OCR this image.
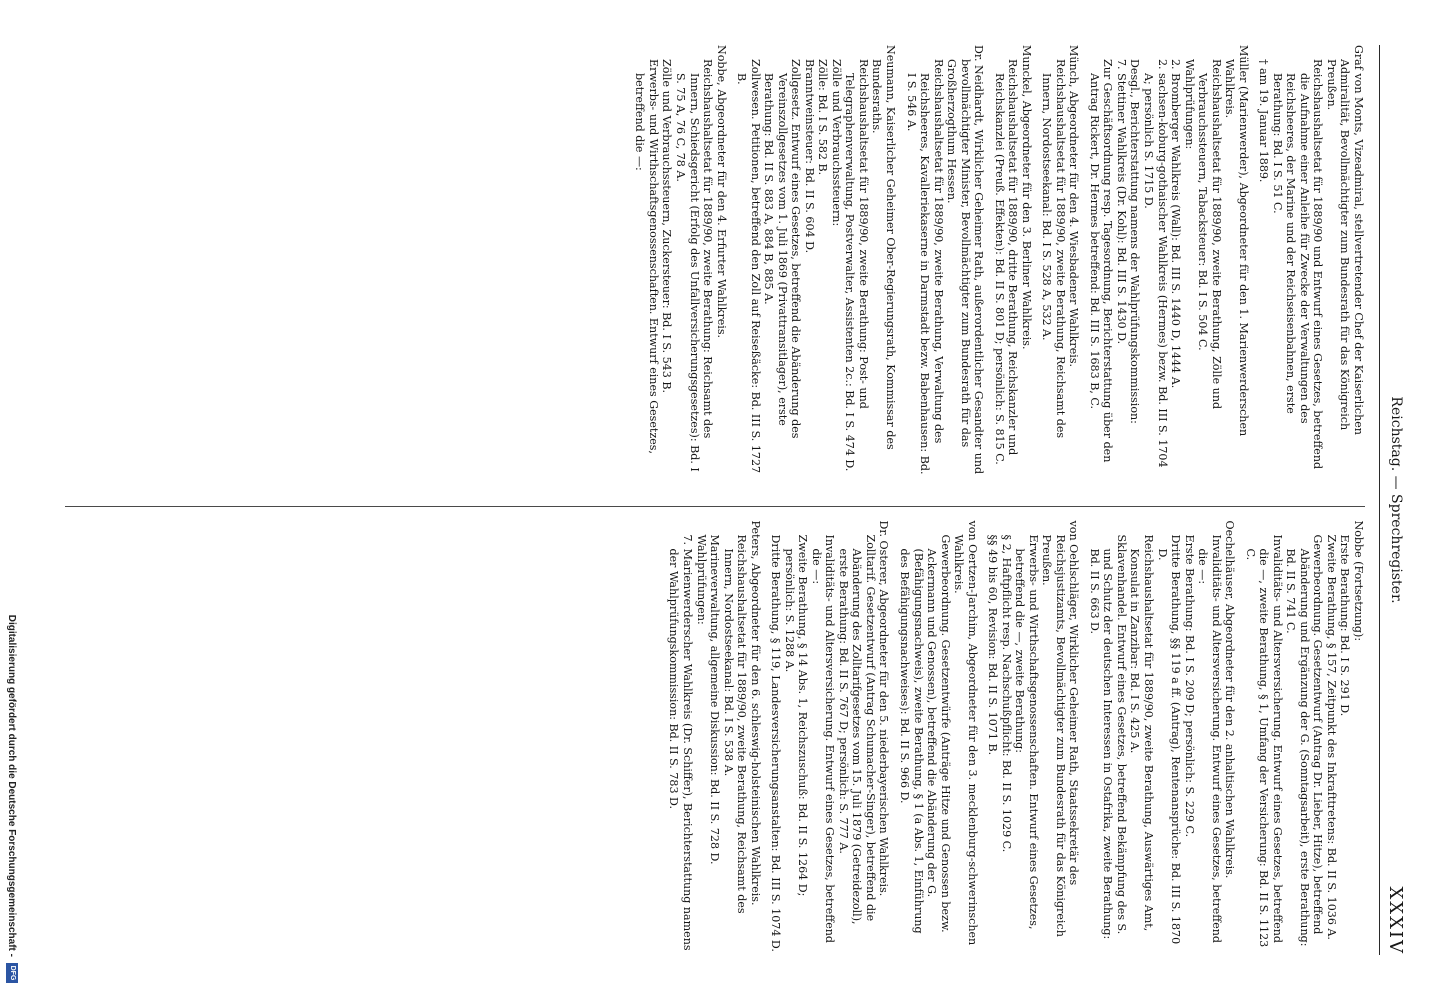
Reichstag. — Sprechregister.
XXXIV
Graf von Monts, Vizeadmiral, stellvertretender Chef der Kaiserlichen Admiralität, Bevollmächtigter zum Bundesrath für das Königreich Preußen.
Reichshaushaltsetat für 1889/90 und Entwurf eines Gesetzes, betreffend die Aufnahme einer Anleihe für Zwecke der Verwaltungen des Reichsheeres, der Marine und der Reichseisenbahnen, erste Berathung: Bd. I S. 51 C.
† am 19. Januar 1889.
Müller (Marienwerder), Abgeordneter für den 1. Marienwerderschen Wahlkreis.
Reichshaushaltsetat für 1889/90, zweite Berathung, Zölle und Verbrauchssteuern, Tabacksteuer: Bd. I S. 504 C.
Wahlprüfungen:
2. Bromberger Wahlkreis (Wall): Bd. III S. 1440 D, 1444 A.
2. sachsen-koburg-gothaischer Wahlkreis (Hermes) bezw. Bd. III S. 1704 A; persönlich S. 1715 D.
Desgl., Berichterstattung namens der Wahlprüfungskommission:
7. Stettiner Wahlkreis (Dr. Kohl): Bd. III S. 1430 D.
Zur Geschäftsordnung resp. Tagesordnung, Berichterstattung über den Antrag Rickert, Dr. Hermes betreffend: Bd. III S. 1683 B, C.
Münch, Abgeordneter für den 4. Wiesbadener Wahlkreis.
Reichshaushaltsetat für 1889/90, zweite Berathung, Reichsamt des Innern, Nordostseekanal: Bd. I S. 528 A, 532 A.
Munckel, Abgeordneter für den 3. Berliner Wahlkreis.
Reichshaushaltsetat für 1889/90, dritte Berathung, Reichskanzler und Reichskanzlei (Preuß. Effekten): Bd. II S. 801 D; persönlich: S. 815 C.
Dr. Neidhardt, Wirklicher Geheimer Rath, außerordentlicher Gesandter und bevollmächtigter Minister, Bevollmächtigter zum Bundesrath für das Großherzogthum Hessen.
Reichshaushaltsetat für 1889/90, zweite Berathung, Verwaltung des Reichsheeres, Kavalleriekaserne in Darmstadt bezw. Babenhausen: Bd. I S. 546 A.
Neumann, Kaiserlicher Geheimer Ober-Regierungsrath, Kommissar des Bundesraths.
Reichshaushaltsetat für 1889/90, zweite Berathung: Post- und Telegraphenverwaltung, Postverwalter, Assistenten 2c.: Bd. I S. 474 D.
Zölle und Verbrauchssteuern:
Zölle: Bd. I S. 582 B.
Branntweinsteuer: Bd. II S. 604 D.
Zollgesetz. Entwurf eines Gesetzes, betreffend die Abänderung des Vereinszollgesetzes vom 1. Juli 1869 (Privattransitlager), erste Berathung: Bd. II S. 883 A, 884 B, 885 A.
Zollwesen. Petitionen, betreffend den Zoll auf Reiseßäcke: Bd. III S. 1727 B.
Nobbe, Abgeordneter für den 4. Erfurter Wahlkreis.
Reichshaushaltsetat für 1889/90, zweite Berathung: Reichsamt des Innern, Schiedsgericht (Erfolg des Unfallversicherungsgesetzes): Bd. I S. 75 A, 76 C, 78 A.
Zölle und Verbrauchssteuern, Zuckersteuer: Bd. I S. 543 B.
Erwerbs- und Wirthschaftsgenossenschaften. Entwurf eines Gesetzes, betreffend die —:
Nobbe (Fortsetzung):
Erste Berathung: Bd. I S. 291 D.
Zweite Berathung, § 157, Zeitpunkt des Inkrafttretens: Bd. II S. 1036 A.
Gewerbeordnung. Gesetzentwurf (Antrag Dr. Lieber, Hitze), betreffend Abänderung und Ergänzung der G. (Sonntagsarbeit), erste Berathung: Bd. II S. 741 C.
Invaliditäts- und Altersversicherung. Entwurf eines Gesetzes, betreffend die —, zweite Berathung, § 1, Umfang der Versicherung: Bd. II S. 1123 C.
Oechelhäuser, Abgeordneter für den 2. anhaltischen Wahlkreis.
Invaliditäts- und Altersversicherung. Entwurf eines Gesetzes, betreffend die —:
Erste Berathung: Bd. I S. 209 D; persönlich: S. 229 C.
Dritte Berathung, §§ 119 a ff. (Antrag), Rentenansprüche: Bd. III S. 1870 D.
Reichshaushaltsetat für 1889/90, zweite Berathung, Auswärtiges Amt, Konsulat in Zanzibar: Bd. I S. 425 A.
Sklavenhandel. Entwurf eines Gesetzes, betreffend Bekämpfung des S. und Schutz der deutschen Interessen in Ostafrika, zweite Berathung: Bd. II S. 663 D.
von Oehlschläger, Wirklicher Geheimer Rath, Staatssekretär des Reichsjustizamts, Bevollmächtigter zum Bundesrath für das Königreich Preußen.
Erwerbs- und Wirthschaftsgenossenschaften. Entwurf eines Gesetzes, betreffend die —, zweite Berathung:
§ 2, Haftpflicht resp. Nachschußpflicht: Bd. II S. 1029 C.
§§ 49 bis 60, Revision: Bd. II S. 1071 B.
von Oertzen-Jarchim, Abgeordneter für den 3. mecklenburg-schwerinschen Wahlkreis.
Gewerbeordnung. Gesetzentwürfe (Anträge Hitze und Genossen bezw. Ackermann und Genossen), betreffend die Abänderung der G. (Befähigungsnachweis), zweite Berathung, § 1 (a Abs. 1, Einführung des Befähigungsnachweises): Bd. II S. 966 D.
Dr. Osterer, Abgeordneter für den 5. niederbayerischen Wahlkreis.
Zolltarif. Gesetzentwurf (Antrag Schumacher-Singer), betreffend die Abänderung des Zolltarifgesetzes vom 15. Juli 1879 (Getreidezoll), erste Berathung: Bd. II S. 767 D; persönlich: S. 777 A.
Invaliditäts- und Altersversicherung. Entwurf eines Gesetzes, betreffend die —:
Zweite Berathung, § 14 Abs. 1, Reichszuschuß: Bd. II S. 1264 D; persönlich: S. 1288 A.
Dritte Berathung, § 119, Landesversicherungsanstalten: Bd. III S. 1074 D.
Peters, Abgeordneter für den 6. schleswig-holsteinischen Wahlkreis.
Reichshaushaltsetat für 1889/90, zweite Berathung, Reichsamt des Innern, Nordostseekanal: Bd. I S. 538 A.
Marineverwaltung, allgemeine Diskussion: Bd. II S. 728 D.
Wahlprüfungen:
7. Marienwerderscher Wahlkreis (Dr. Schiffer), Berichterstattung namens der Wahlprüfungskommission: Bd. II S. 783 D.
Digitalisierung gefördert durch die Deutsche Forschungsgemeinschaft -
DFG
